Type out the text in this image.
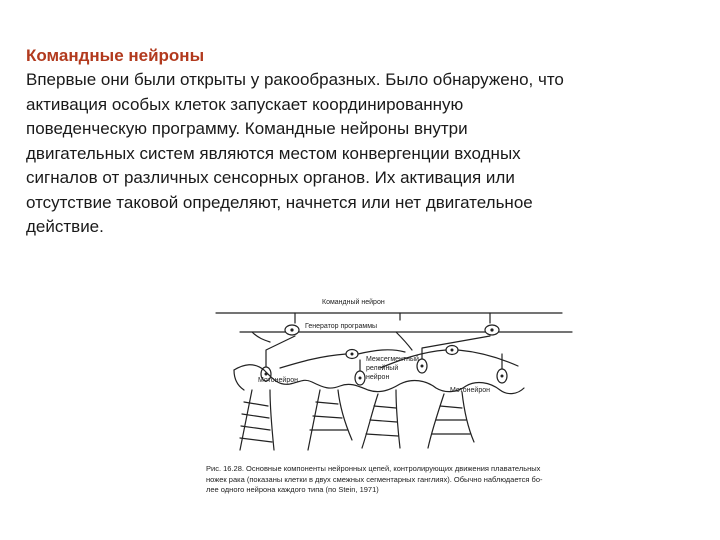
Командные нейроны
Впервые они были открыты у ракообразных. Было обнаружено, что
активация особых клеток запускает координированную
поведенческую программу. Командные нейроны внутри
двигательных систем являются местом конвергенции входных
сигналов от различных сенсорных органов. Их активация или
отсутствие таковой определяют, начнется или нет двигательное
действие.
Командный нейрон
Генератор программы
Межсегментный
релейный
нейрон
Мотонейрон
Мотонейрон
Рис. 16.28. Основные компоненты нейронных цепей, контролирующих движения плавательных
ножек рака (показаны клетки в двух смежных сегментарных ганглиях). Обычно наблюдается бо-
лее одного нейрона каждого типа (по Stein, 1971)
